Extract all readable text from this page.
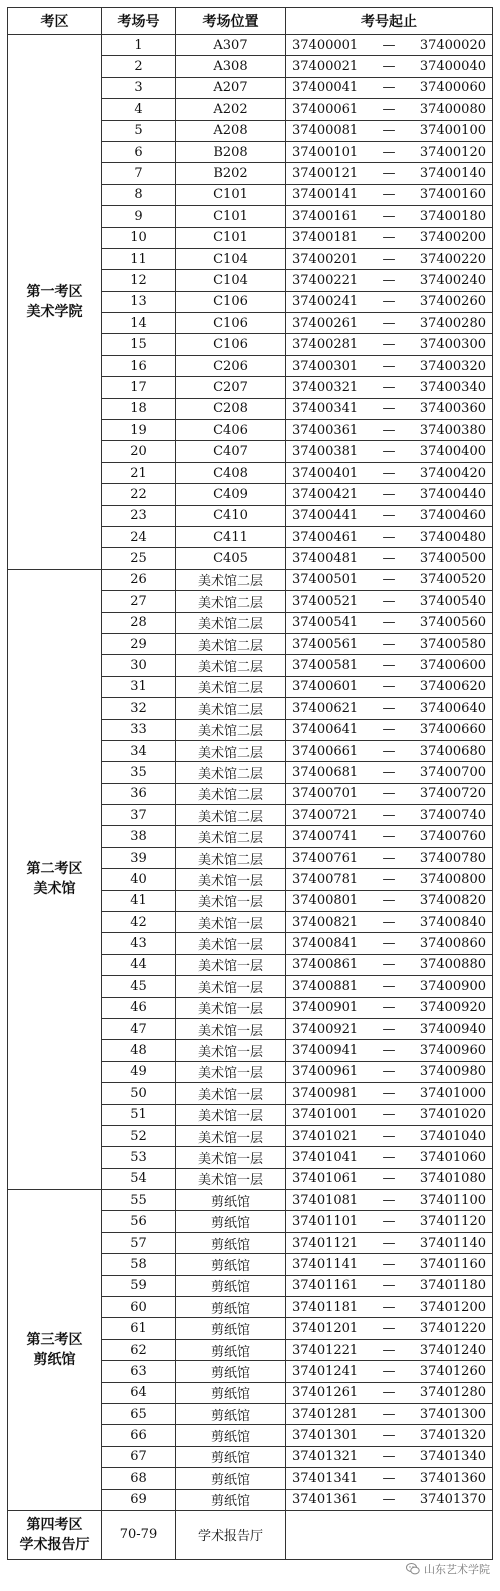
考区	考场号	考场位置	考号起止
第一考区
美术学院	1	A307	37400001 — 37400020

	2	A308	37400021 — 37400040

	3	A207	37400041 — 37400060

	4	A202	37400061 — 37400080

	5	A208	37400081 — 37400100

	6	B208	37400101 — 37400120

	7	B202	37400121 — 37400140

	8	C101	37400141 — 37400160

	9	C101	37400161 — 37400180

	10	C101	37400181 — 37400200

	11	C104	37400201 — 37400220

	12	C104	37400221 — 37400240

	13	C106	37400241 — 37400260

	14	C106	37400261 — 37400280

	15	C106	37400281 — 37400300

	16	C206	37400301 — 37400320

	17	C207	37400321 — 37400340

	18	C208	37400341 — 37400360

	19	C406	37400361 — 37400380

	20	C407	37400381 — 37400400

	21	C408	37400401 — 37400420

	22	C409	37400421 — 37400440

	23	C410	37400441 — 37400460

	24	C411	37400461 — 37400480

	25	C405	37400481 — 37400500

第二考区
美术馆	26	美术馆二层	37400501 — 37400520

	27	美术馆二层	37400521 — 37400540

	28	美术馆二层	37400541 — 37400560

	29	美术馆二层	37400561 — 37400580

	30	美术馆二层	37400581 — 37400600

	31	美术馆二层	37400601 — 37400620

	32	美术馆二层	37400621 — 37400640

	33	美术馆二层	37400641 — 37400660

	34	美术馆二层	37400661 — 37400680

	35	美术馆二层	37400681 — 37400700

	36	美术馆二层	37400701 — 37400720

	37	美术馆二层	37400721 — 37400740

	38	美术馆二层	37400741 — 37400760

	39	美术馆二层	37400761 — 37400780

	40	美术馆一层	37400781 — 37400800

	41	美术馆一层	37400801 — 37400820

	42	美术馆一层	37400821 — 37400840

	43	美术馆一层	37400841 — 37400860

	44	美术馆一层	37400861 — 37400880

	45	美术馆一层	37400881 — 37400900

	46	美术馆一层	37400901 — 37400920

	47	美术馆一层	37400921 — 37400940

	48	美术馆一层	37400941 — 37400960

	49	美术馆一层	37400961 — 37400980

	50	美术馆一层	37400981 — 37401000

	51	美术馆一层	37401001 — 37401020

	52	美术馆一层	37401021 — 37401040

	53	美术馆一层	37401041 — 37401060

	54	美术馆一层	37401061 — 37401080

第三考区
剪纸馆	55	剪纸馆	37401081 — 37401100

	56	剪纸馆	37401101 — 37401120

	57	剪纸馆	37401121 — 37401140

	58	剪纸馆	37401141 — 37401160

	59	剪纸馆	37401161 — 37401180

	60	剪纸馆	37401181 — 37401200

	61	剪纸馆	37401201 — 37401220

	62	剪纸馆	37401221 — 37401240

	63	剪纸馆	37401241 — 37401260

	64	剪纸馆	37401261 — 37401280

	65	剪纸馆	37401281 — 37401300

	66	剪纸馆	37401301 — 37401320

	67	剪纸馆	37401321 — 37401340

	68	剪纸馆	37401341 — 37401360

	69	剪纸馆	37401361 — 37401370

第四考区
学术报告厅	70-79	学术报告厅	
山东艺术学院
